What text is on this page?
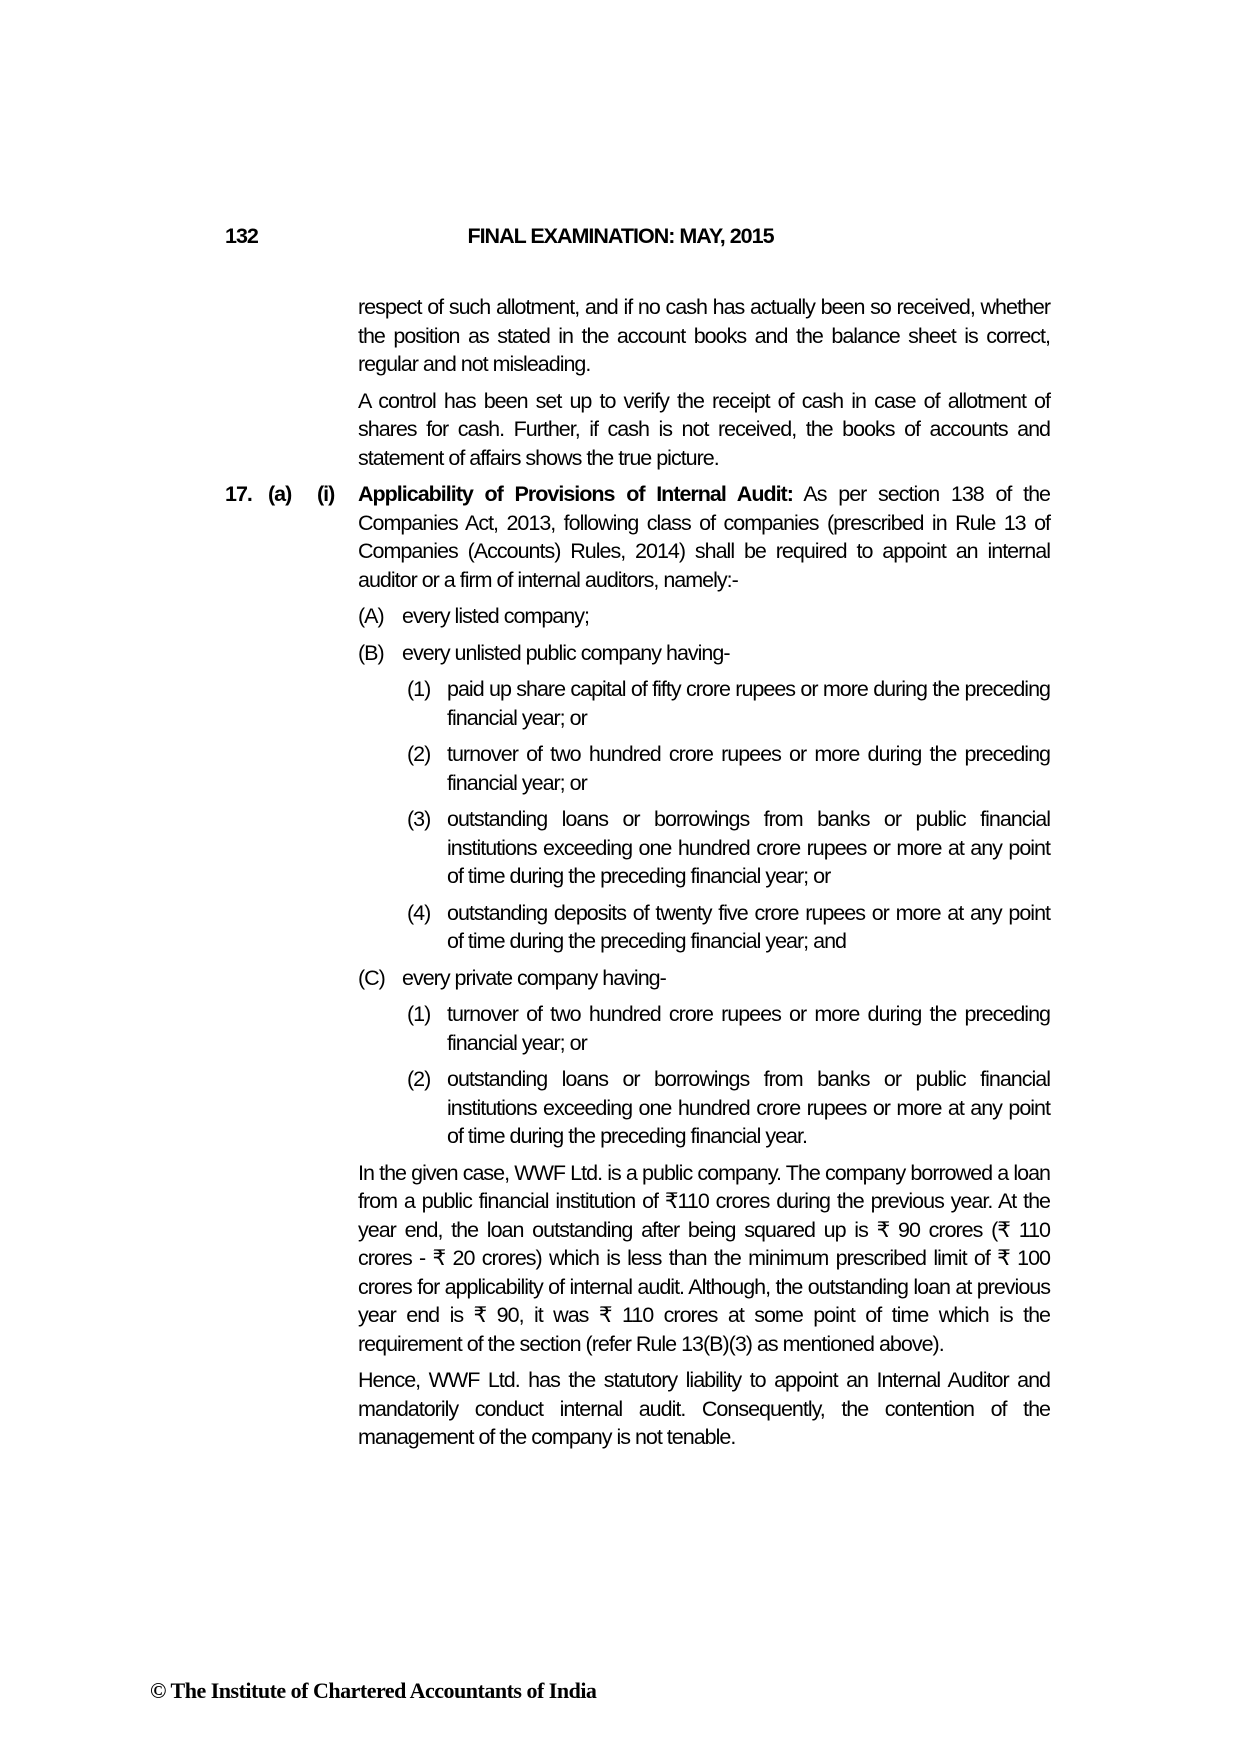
132	FINAL EXAMINATION: MAY, 2015

respect of such allotment, and if no cash has actually been so received, whether the position as stated in the account books and the balance sheet is correct, regular and not misleading.

A control has been set up to verify the receipt of cash in case of allotment of shares for cash. Further, if cash is not received, the books of accounts and statement of affairs shows the true picture.

17. (a)	(i)	Applicability of Provisions of Internal Audit: As per section 138 of the Companies Act, 2013, following class of companies (prescribed in Rule 13 of Companies (Accounts) Rules, 2014) shall be required to appoint an internal auditor or a firm of internal auditors, namely:-
(A) every listed company;
(B) every unlisted public company having-
(1) paid up share capital of fifty crore rupees or more during the preceding financial year; or
(2) turnover of two hundred crore rupees or more during the preceding financial year; or
(3) outstanding loans or borrowings from banks or public financial institutions exceeding one hundred crore rupees or more at any point of time during the preceding financial year; or
(4) outstanding deposits of twenty five crore rupees or more at any point of time during the preceding financial year; and
(C) every private company having-
(1) turnover of two hundred crore rupees or more during the preceding financial year; or
(2) outstanding loans or borrowings from banks or public financial institutions exceeding one hundred crore rupees or more at any point of time during the preceding financial year.

In the given case, WWF Ltd. is a public company. The company borrowed a loan from a public financial institution of ₹110 crores during the previous year. At the year end, the loan outstanding after being squared up is ₹ 90 crores (₹ 110 crores - ₹ 20 crores) which is less than the minimum prescribed limit of ₹ 100 crores for applicability of internal audit. Although, the outstanding loan at previous year end is ₹ 90, it was ₹ 110 crores at some point of time which is the requirement of the section (refer Rule 13(B)(3) as mentioned above).

Hence, WWF Ltd. has the statutory liability to appoint an Internal Auditor and mandatorily conduct internal audit. Consequently, the contention of the management of the company is not tenable.

© The Institute of Chartered Accountants of India
